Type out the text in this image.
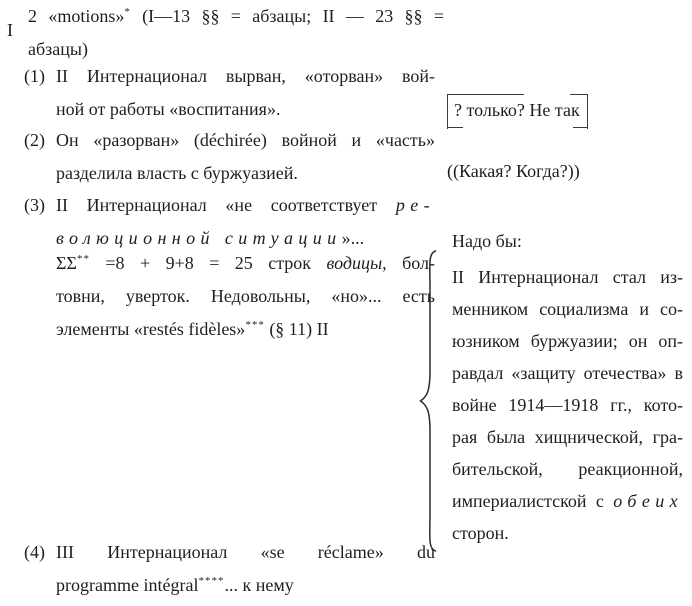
I
2 «motions»* (I—13 §§ = абзацы; II — 23 §§ =
абзацы)
(1) II Интернационал вырван, «оторван» вой-
ной от работы «воспитания».
(2) Он «разорван» (déchirée) войной и «часть»
разделила власть с буржуазией.
(3) II Интернационал «не соответствует ре-
волюционной ситуации»...
ΣΣ** =8 + 9+8 = 25 строк водицы, бол-
товни, уверток. Недовольны, «но»... есть
элементы «restés fidèles»*** (§ 11) II
(4) III Интернационал «se réclame» du
programme intégral****... к нему
? только? Не так
((Какая? Когда?))
Надо бы:
II Интернационал стал из-
менником социализма и со-
юзником буржуазии; он оп-
равдал «защиту отечества» в
войне 1914—1918 гг., кото-
рая была хищнической, гра-
бительской, реакционной,
империалистской с обеих
сторон.
